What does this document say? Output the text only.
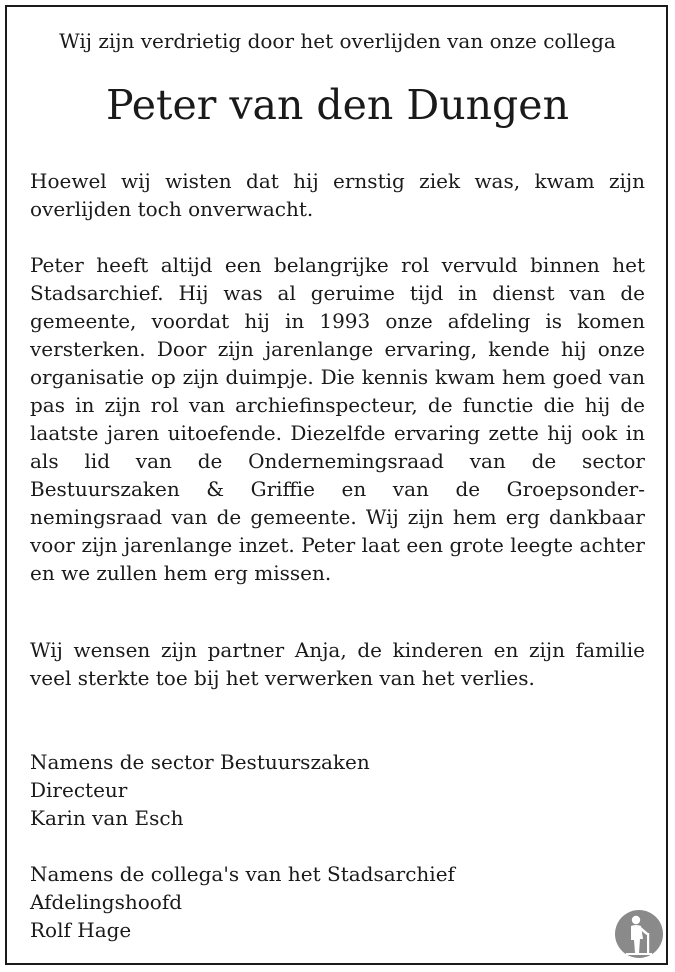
Wij zijn verdrietig door het overlijden van onze collega
Peter van den Dungen
Hoewel wij wisten dat hij ernstig ziek was, kwam zijn overlijden toch onverwacht.
Peter heeft altijd een belangrijke rol vervuld binnen het Stadsarchief. Hij was al geruime tijd in dienst van de gemeente, voordat hij in 1993 onze afdeling is komen versterken. Door zijn jarenlange ervaring, kende hij onze organisatie op zijn duimpje. Die kennis kwam hem goed van pas in zijn rol van archiefinspecteur, de functie die hij de laatste jaren uitoefende. Diezelfde ervaring zette hij ook in als lid van de Ondernemingsraad van de sector Bestuurszaken & Griffie en van de Groepsondernemingsraad van de gemeente. Wij zijn hem erg dankbaar voor zijn jarenlange inzet. Peter laat een grote leegte achter en we zullen hem erg missen.
Wij wensen zijn partner Anja, de kinderen en zijn familie veel sterkte toe bij het verwerken van het verlies.
Namens de sector Bestuurszaken
Directeur
Karin van Esch
Namens de collega's van het Stadsarchief
Afdelingshoofd
Rolf Hage
